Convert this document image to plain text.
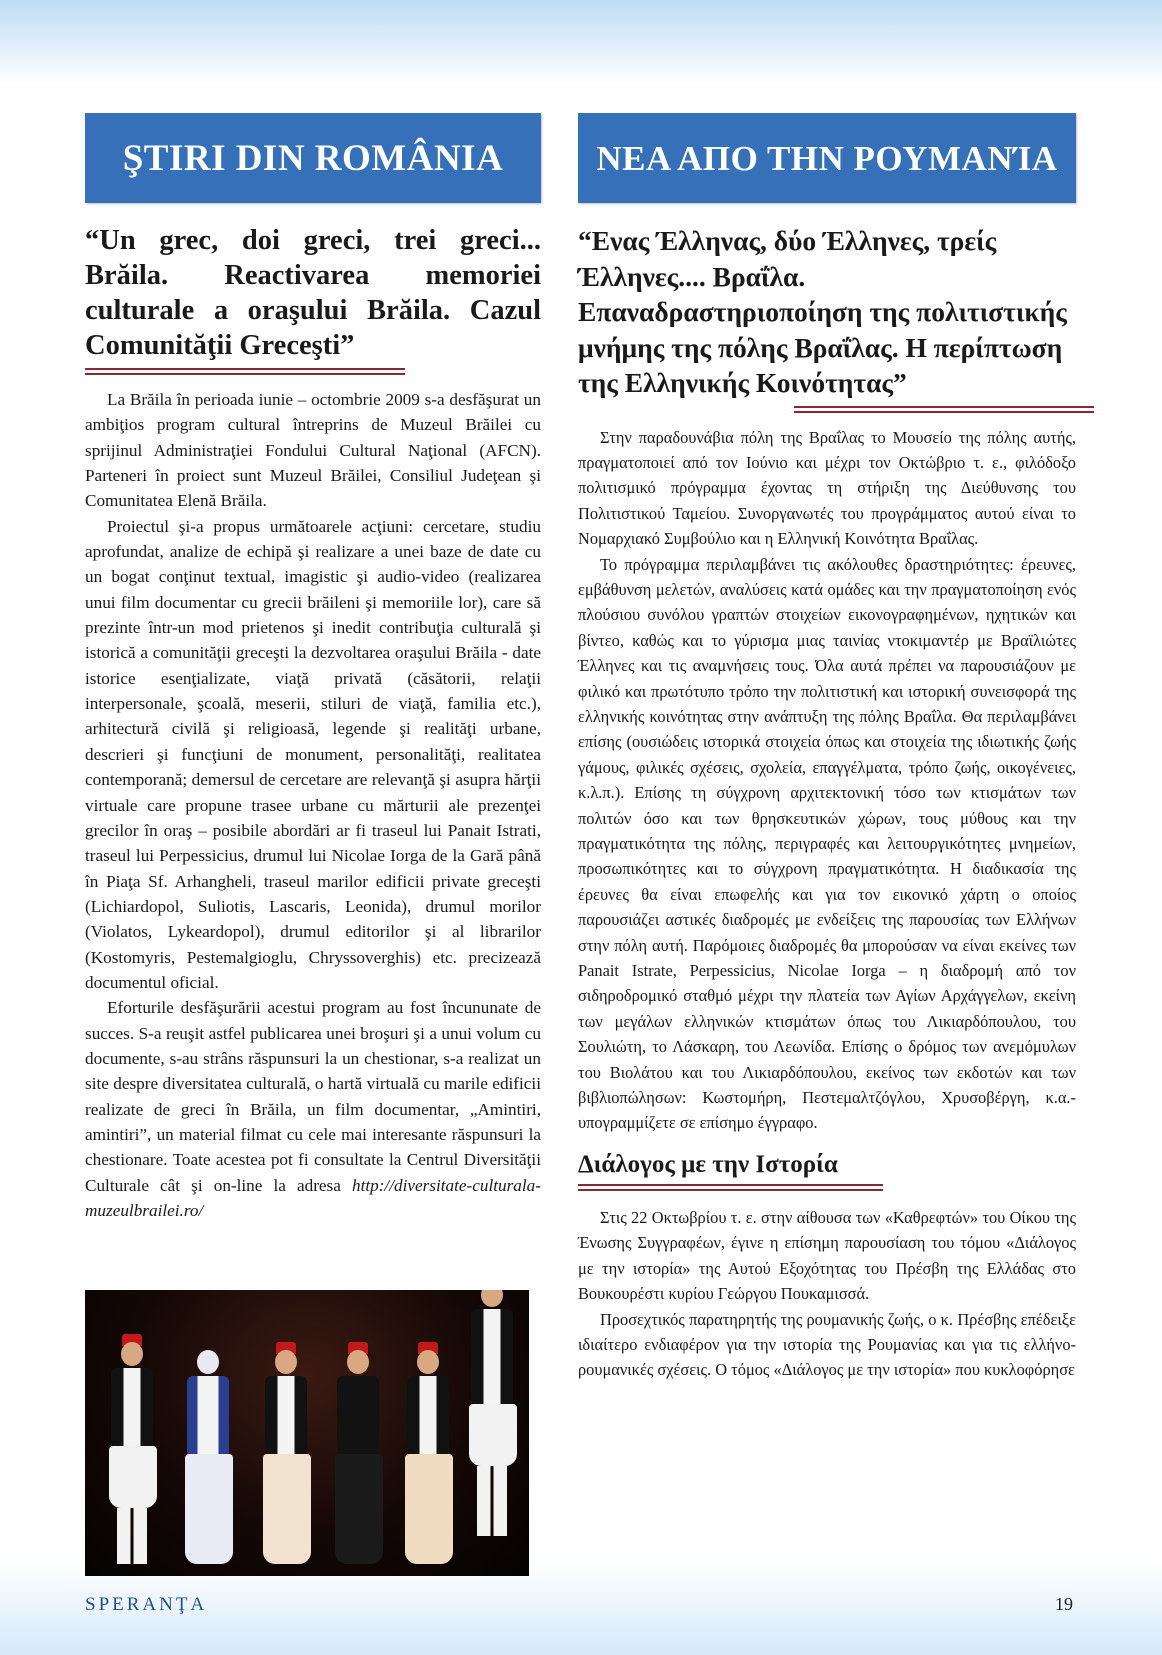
ŞTIRI DIN ROMÂNIA
“Un grec, doi greci, trei greci... Brăila. Reactivarea memoriei culturale a oraşului Brăila. Cazul Comunităţii Greceşti”

La Brăila în perioada iunie – octombrie 2009 s-a desfăşurat un ambiţios program cultural întreprins de Muzeul Brăilei cu sprijinul Administraţiei Fondului Cultural Naţional (AFCN). Parteneri în proiect sunt Muzeul Brăilei, Consiliul Judeţean şi Comunitatea Elenă Brăila.

Proiectul şi-a propus următoarele acţiuni: cercetare, studiu aprofundat, analize de echipă şi realizare a unei baze de date cu un bogat conţinut textual, imagistic şi audio-video (realizarea unui film documentar cu grecii brăileni şi memoriile lor), care să prezinte într-un mod prietenos şi inedit contribuţia culturală şi istorică a comunităţii greceşti la dezvoltarea oraşului Brăila - date istorice esenţializate, viaţă privată (căsătorii, relaţii interpersonale, şcoală, meserii, stiluri de viaţă, familia etc.), arhitectură civilă şi religioasă, legende şi realităţi urbane, descrieri şi funcţiuni de monument, personalităţi, realitatea contemporană; demersul de cercetare are relevanţă şi asupra hărţii virtuale care propune trasee urbane cu mărturii ale prezenţei grecilor în oraş – posibile abordări ar fi traseul lui Panait Istrati, traseul lui Perpessicius, drumul lui Nicolae Iorga de la Gară până în Piaţa Sf. Arhangheli, traseul marilor edificii private greceşti (Lichiardopol, Suliotis, Lascaris, Leonida), drumul morilor (Violatos, Lykeardopol), drumul editorilor şi al librarilor (Kostomyris, Pestemalgioglu, Chryssoverghis) etc. precizează documentul oficial.

Eforturile desfăşurării acestui program au fost încununate de succes. S-a reuşit astfel publicarea unei broşuri şi a unui volum cu documente, s-au strâns răspunsuri la un chestionar, s-a realizat un site despre diversitatea culturală, o hartă virtuală cu marile edificii realizate de greci în Brăila, un film documentar, „Amintiri, amintiri”, un material filmat cu cele mai interesante răspunsuri la chestionare. Toate acestea pot fi consultate la Centrul Diversităţii Culturale cât şi on-line la adresa http://diversitate-culturala-muzeulbrailei.ro/

ΝΕΑ ΑΠΟ ΤΗΝ ΡΟΥΜΑΝΊΑ
“Ενας Έλληνας, δύο Έλληνες, τρείς Έλληνες.... Βραΐλα. Επαναδραστηριοποίηση της πολιτιστικής μνήμης της πόλης Βραΐλας. Η περίπτωση της Ελληνικής Κοινότητας”

Στην παραδουνάβια πόλη της Βραΐλας το Μουσείο της πόλης αυτής, πραγματοποιεί από τον Ιούνιο και μέχρι τον Οκτώβριο τ. ε., φιλόδοξο πολιτισμικό πρόγραμμα έχοντας τη στήριξη της Διεύθυνσης του Πολιτιστικού Ταμείου. Συνοργανωτές του προγράμματος αυτού είναι το Νομαρχιακό Συμβούλιο και η Ελληνική Κοινότητα Βραΐλας.

Το πρόγραμμα περιλαμβάνει τις ακόλουθες δραστηριότητες: έρευνες, εμβάθυνση μελετών, αναλύσεις κατά ομάδες και την πραγματοποίηση ενός πλούσιου συνόλου γραπτών στοιχείων εικονογραφημένων, ηχητικών και βίντεο, καθώς και το γύρισμα μιας ταινίας ντοκιμαντέρ με Βραϊλιώτες Έλληνες και τις αναμνήσεις τους. Όλα αυτά πρέπει να παρουσιάζουν με φιλικό και πρωτότυπο τρόπο την πολιτιστική και ιστορική συνεισφορά της ελληνικής κοινότητας στην ανάπτυξη της πόλης Βραΐλα. Θα περιλαμβάνει επίσης (ουσιώδεις ιστορικά στοιχεία όπως και στοιχεία της ιδιωτικής ζωής γάμους, φιλικές σχέσεις, σχολεία, επαγγέλματα, τρόπο ζωής, οικογένειες, κ.λ.π.). Επίσης τη σύγχρονη αρχιτεκτονική τόσο των κτισμάτων των πολιτών όσο και των θρησκευτικών χώρων, τους μύθους και την πραγματικότητα της πόλης, περιγραφές και λειτουργικότητες μνημείων, προσωπικότητες και το σύγχρονη πραγματικότητα. Η διαδικασία της έρευνες θα είναι επωφελής και για τον εικονικό χάρτη ο οποίος παρουσιάζει αστικές διαδρομές με ενδείξεις της παρουσίας των Ελλήνων στην πόλη αυτή. Παρόμοιες διαδρομές θα μπορούσαν να είναι εκείνες των Panait Istrate, Perpessicius, Nicolae Iorga – η διαδρομή από τον σιδηροδρομικό σταθμό μέχρι την πλατεία των Αγίων Αρχάγγελων, εκείνη των μεγάλων ελληνικών κτισμάτων όπως του Λικιαρδόπουλου, του Σουλιώτη, το Λάσκαρη, του Λεωνίδα. Επίσης ο δρόμος των ανεμόμυλων του Βιολάτου και του Λικιαρδόπουλου, εκείνος των εκδοτών και των βιβλιοπώλησων: Κωστομήρη, Πεστεμαλτζόγλου, Χρυσοβέργη, κ.α.- υπογραμμίζετε σε επίσημο έγγραφο.

Διάλογος με την Ιστορία

Στις 22 Οκτωβρίου τ. ε. στην αίθουσα των «Καθρεφτών» του Οίκου της Ένωσης Συγγραφέων, έγινε η επίσημη παρουσίαση του τόμου «Διάλογος με την ιστορία» της Αυτού Εξοχότητας του Πρέσβη της Ελλάδας στο Βουκουρέστι κυρίου Γεώργου Πουκαμισσά.

Προσεχτικός παρατηρητής της ρουμανικής ζωής, ο κ. Πρέσβης επέδειξε ιδιαίτερο ενδιαφέρον για την ιστορία της Ρουμανίας και για τις ελλήνο-ρουμανικές σχέσεις. Ο τόμος «Διάλογος με την ιστορία» που κυκλοφόρησε

SPERANŢA	19
